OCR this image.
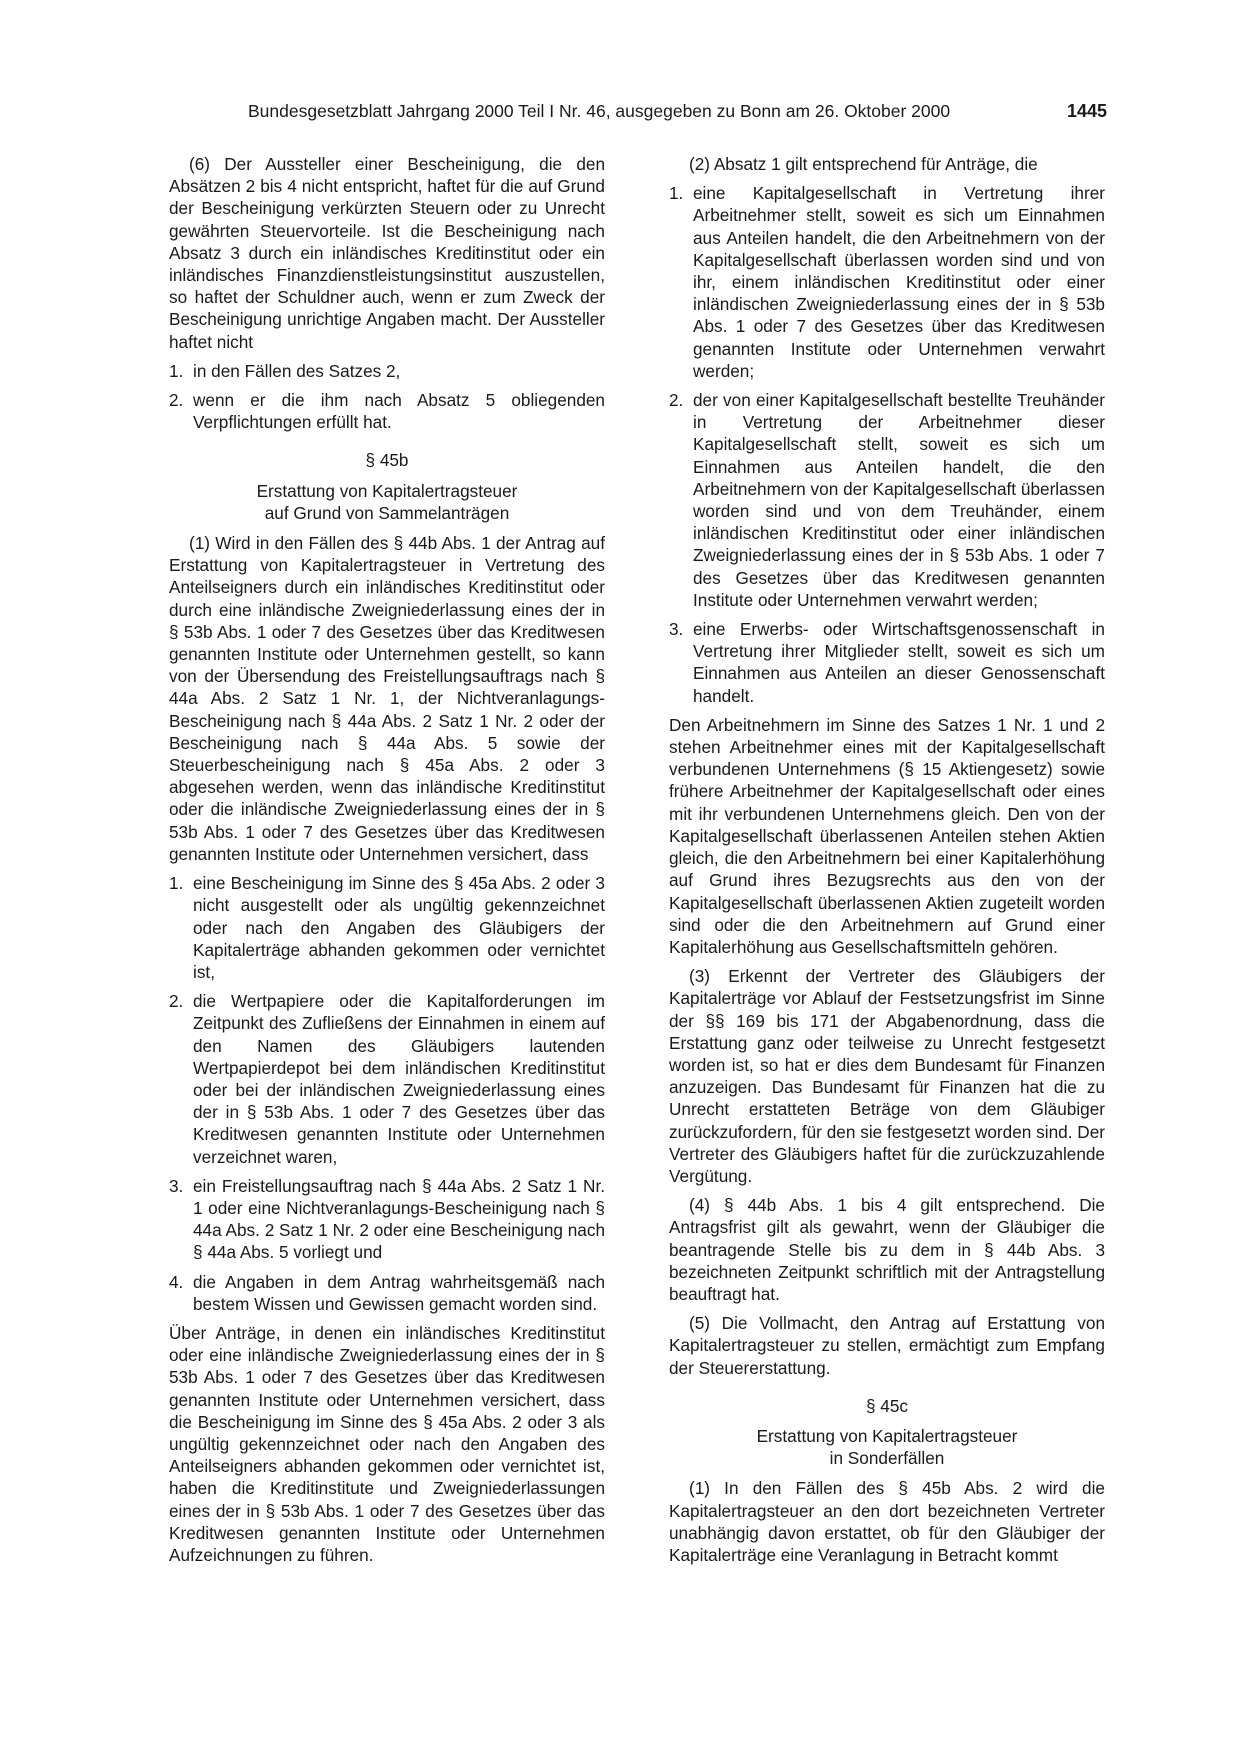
Bundesgesetzblatt Jahrgang 2000 Teil I Nr. 46, ausgegeben zu Bonn am 26. Oktober 2000	1445

(6) Der Aussteller einer Bescheinigung, die den Absätzen 2 bis 4 nicht entspricht, haftet für die auf Grund der Bescheinigung verkürzten Steuern oder zu Unrecht gewährten Steuervorteile. Ist die Bescheinigung nach Absatz 3 durch ein inländisches Kreditinstitut oder ein inländisches Finanzdienstleistungsinstitut auszustellen, so haftet der Schuldner auch, wenn er zum Zweck der Bescheinigung unrichtige Angaben macht. Der Aussteller haftet nicht

1. in den Fällen des Satzes 2,
2. wenn er die ihm nach Absatz 5 obliegenden Verpflichtungen erfüllt hat.
§ 45b
Erstattung von Kapitalertragsteuer
auf Grund von Sammelanträgen

(1) Wird in den Fällen des § 44b Abs. 1 der Antrag auf Erstattung von Kapitalertragsteuer in Vertretung des Anteilseigners durch ein inländisches Kreditinstitut oder durch eine inländische Zweigniederlassung eines der in § 53b Abs. 1 oder 7 des Gesetzes über das Kreditwesen genannten Institute oder Unternehmen gestellt, so kann von der Übersendung des Freistellungsauftrags nach § 44a Abs. 2 Satz 1 Nr. 1, der Nichtveranlagungs-Bescheinigung nach § 44a Abs. 2 Satz 1 Nr. 2 oder der Bescheinigung nach § 44a Abs. 5 sowie der Steuerbescheinigung nach § 45a Abs. 2 oder 3 abgesehen werden, wenn das inländische Kreditinstitut oder die inländische Zweigniederlassung eines der in § 53b Abs. 1 oder 7 des Gesetzes über das Kreditwesen genannten Institute oder Unternehmen versichert, dass

1. eine Bescheinigung im Sinne des § 45a Abs. 2 oder 3 nicht ausgestellt oder als ungültig gekennzeichnet oder nach den Angaben des Gläubigers der Kapitalerträge abhanden gekommen oder vernichtet ist,
2. die Wertpapiere oder die Kapitalforderungen im Zeitpunkt des Zufließens der Einnahmen in einem auf den Namen des Gläubigers lautenden Wertpapierdepot bei dem inländischen Kreditinstitut oder bei der inländischen Zweigniederlassung eines der in § 53b Abs. 1 oder 7 des Gesetzes über das Kreditwesen genannten Institute oder Unternehmen verzeichnet waren,
3. ein Freistellungsauftrag nach § 44a Abs. 2 Satz 1 Nr. 1 oder eine Nichtveranlagungs-Bescheinigung nach § 44a Abs. 2 Satz 1 Nr. 2 oder eine Bescheinigung nach § 44a Abs. 5 vorliegt und
4. die Angaben in dem Antrag wahrheitsgemäß nach bestem Wissen und Gewissen gemacht worden sind.

Über Anträge, in denen ein inländisches Kreditinstitut oder eine inländische Zweigniederlassung eines der in § 53b Abs. 1 oder 7 des Gesetzes über das Kreditwesen genannten Institute oder Unternehmen versichert, dass die Bescheinigung im Sinne des § 45a Abs. 2 oder 3 als ungültig gekennzeichnet oder nach den Angaben des Anteilseigners abhanden gekommen oder vernichtet ist, haben die Kreditinstitute und Zweigniederlassungen eines der in § 53b Abs. 1 oder 7 des Gesetzes über das Kreditwesen genannten Institute oder Unternehmen Aufzeichnungen zu führen.

(2) Absatz 1 gilt entsprechend für Anträge, die

1. eine Kapitalgesellschaft in Vertretung ihrer Arbeitnehmer stellt, soweit es sich um Einnahmen aus Anteilen handelt, die den Arbeitnehmern von der Kapitalgesellschaft überlassen worden sind und von ihr, einem inländischen Kreditinstitut oder einer inländischen Zweigniederlassung eines der in § 53b Abs. 1 oder 7 des Gesetzes über das Kreditwesen genannten Institute oder Unternehmen verwahrt werden;
2. der von einer Kapitalgesellschaft bestellte Treuhänder in Vertretung der Arbeitnehmer dieser Kapitalgesellschaft stellt, soweit es sich um Einnahmen aus Anteilen handelt, die den Arbeitnehmern von der Kapitalgesellschaft überlassen worden sind und von dem Treuhänder, einem inländischen Kreditinstitut oder einer inländischen Zweigniederlassung eines der in § 53b Abs. 1 oder 7 des Gesetzes über das Kreditwesen genannten Institute oder Unternehmen verwahrt werden;
3. eine Erwerbs- oder Wirtschaftsgenossenschaft in Vertretung ihrer Mitglieder stellt, soweit es sich um Einnahmen aus Anteilen an dieser Genossenschaft handelt.

Den Arbeitnehmern im Sinne des Satzes 1 Nr. 1 und 2 stehen Arbeitnehmer eines mit der Kapitalgesellschaft verbundenen Unternehmens (§ 15 Aktiengesetz) sowie frühere Arbeitnehmer der Kapitalgesellschaft oder eines mit ihr verbundenen Unternehmens gleich. Den von der Kapitalgesellschaft überlassenen Anteilen stehen Aktien gleich, die den Arbeitnehmern bei einer Kapitalerhöhung auf Grund ihres Bezugsrechts aus den von der Kapitalgesellschaft überlassenen Aktien zugeteilt worden sind oder die den Arbeitnehmern auf Grund einer Kapitalerhöhung aus Gesellschaftsmitteln gehören.

(3) Erkennt der Vertreter des Gläubigers der Kapitalerträge vor Ablauf der Festsetzungsfrist im Sinne der §§ 169 bis 171 der Abgabenordnung, dass die Erstattung ganz oder teilweise zu Unrecht festgesetzt worden ist, so hat er dies dem Bundesamt für Finanzen anzuzeigen. Das Bundesamt für Finanzen hat die zu Unrecht erstatteten Beträge von dem Gläubiger zurückzufordern, für den sie festgesetzt worden sind. Der Vertreter des Gläubigers haftet für die zurückzuzahlende Vergütung.

(4) § 44b Abs. 1 bis 4 gilt entsprechend. Die Antragsfrist gilt als gewahrt, wenn der Gläubiger die beantragende Stelle bis zu dem in § 44b Abs. 3 bezeichneten Zeitpunkt schriftlich mit der Antragstellung beauftragt hat.

(5) Die Vollmacht, den Antrag auf Erstattung von Kapitalertragsteuer zu stellen, ermächtigt zum Empfang der Steuererstattung.

§ 45c
Erstattung von Kapitalertragsteuer
in Sonderfällen

(1) In den Fällen des § 45b Abs. 2 wird die Kapitalertragsteuer an den dort bezeichneten Vertreter unabhängig davon erstattet, ob für den Gläubiger der Kapitalerträge eine Veranlagung in Betracht kommt
